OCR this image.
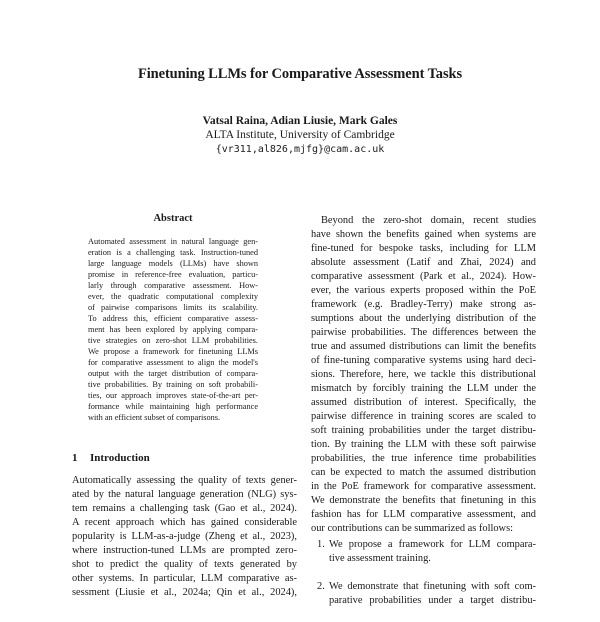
Finetuning LLMs for Comparative Assessment Tasks
Vatsal Raina, Adian Liusie, Mark Gales
ALTA Institute, University of Cambridge
{vr311,al826,mjfg}@cam.ac.uk
Abstract
Automated assessment in natural language gen-
eration is a challenging task. Instruction-tuned
large language models (LLMs) have shown
promise in reference-free evaluation, particu-
larly through comparative assessment. How-
ever, the quadratic computational complexity
of pairwise comparisons limits its scalability.
To address this, efficient comparative assess-
ment has been explored by applying compara-
tive strategies on zero-shot LLM probabilities.
We propose a framework for finetuning LLMs
for comparative assessment to align the model's
output with the target distribution of compara-
tive probabilities. By training on soft probabili-
ties, our approach improves state-of-the-art per-
formance while maintaining high performance
with an efficient subset of comparisons.
1 Introduction
Automatically assessing the quality of texts gener-
ated by the natural language generation (NLG) sys-
tem remains a challenging task (Gao et al., 2024).
A recent approach which has gained considerable
popularity is LLM-as-a-judge (Zheng et al., 2023),
where instruction-tuned LLMs are prompted zero-
shot to predict the quality of texts generated by
other systems. In particular, LLM comparative as-
sessment (Liusie et al., 2024a; Qin et al., 2024),
Beyond the zero-shot domain, recent studies
have shown the benefits gained when systems are
fine-tuned for bespoke tasks, including for LLM
absolute assessment (Latif and Zhai, 2024) and
comparative assessment (Park et al., 2024). How-
ever, the various experts proposed within the PoE
framework (e.g. Bradley-Terry) make strong as-
sumptions about the underlying distribution of the
pairwise probabilities. The differences between the
true and assumed distributions can limit the benefits
of fine-tuning comparative systems using hard deci-
sions. Therefore, here, we tackle this distributional
mismatch by forcibly training the LLM under the
assumed distribution of interest. Specifically, the
pairwise difference in training scores are scaled to
soft training probabilities under the target distribu-
tion. By training the LLM with these soft pairwise
probabilities, the true inference time probabilities
can be expected to match the assumed distribution
in the PoE framework for comparative assessment.
We demonstrate the benefits that finetuning in this
fashion has for LLM comparative assessment, and
our contributions can be summarized as follows:
1. We propose a framework for LLM compara-
tive assessment training.
2. We demonstrate that finetuning with soft com-
parative probabilities under a target distribu-
